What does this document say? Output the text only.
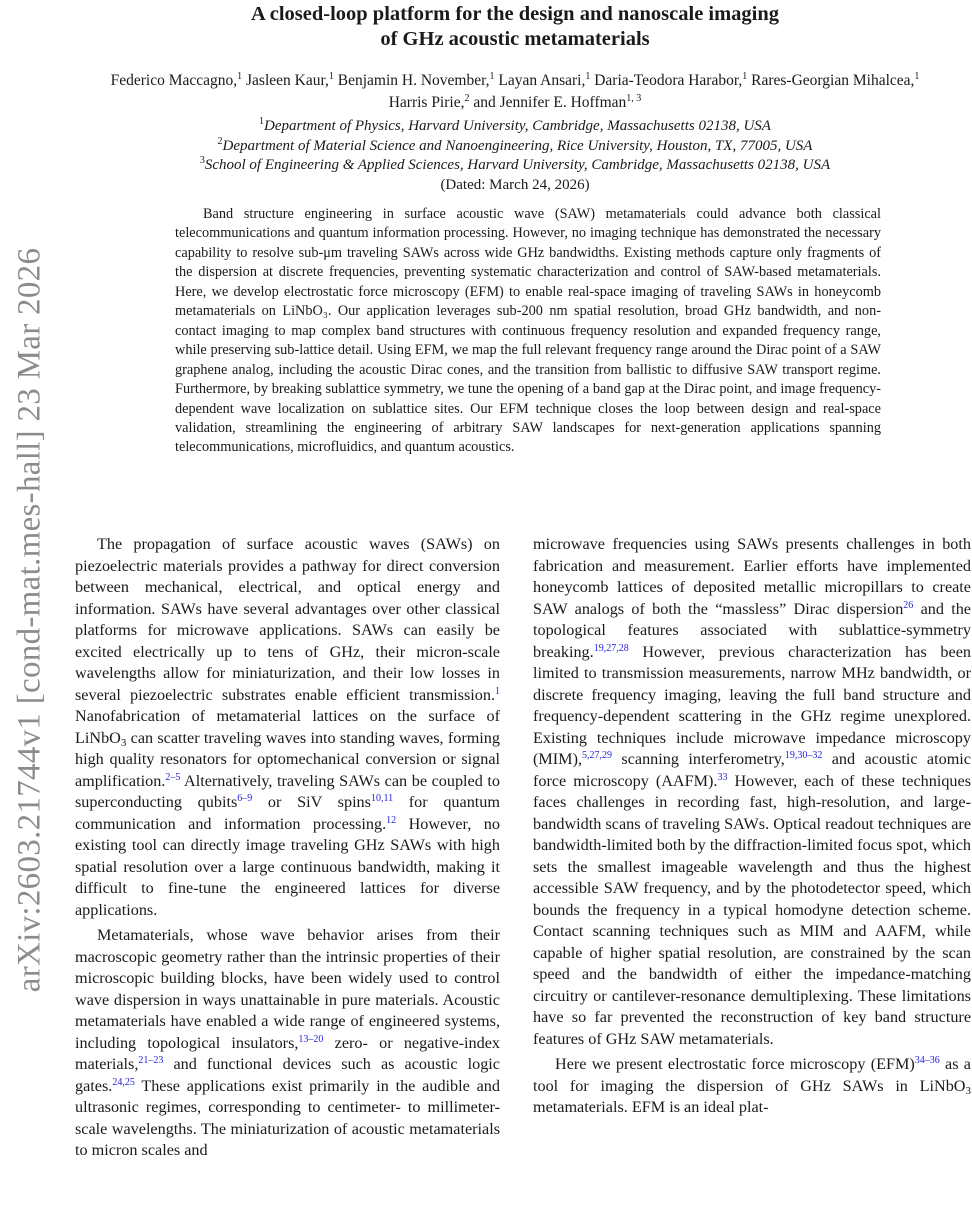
arXiv:2603.21744v1 [cond-mat.mes-hall] 23 Mar 2026
A closed-loop platform for the design and nanoscale imaging
of GHz acoustic metamaterials
Federico Maccagno,$^1$ Jasleen Kaur,$^1$ Benjamin H. November,$^1$ Layan Ansari,$^1$ Daria-Teodora Harabor,$^1$ Rares-Georgian Mihalcea,$^1$ Harris Pirie,$^2$ and Jennifer E. Hoffman$^{1, 3}$
$^1$Department of Physics, Harvard University, Cambridge, Massachusetts 02138, USA
$^2$Department of Material Science and Nanoengineering, Rice University, Houston, TX, 77005, USA
$^3$School of Engineering & Applied Sciences, Harvard University, Cambridge, Massachusetts 02138, USA
(Dated: March 24, 2026)

Band structure engineering in surface acoustic wave (SAW) metamaterials could advance both classical telecommunications and quantum information processing. However, no imaging technique has demonstrated the necessary capability to resolve sub-μm traveling SAWs across wide GHz bandwidths. Existing methods capture only fragments of the dispersion at discrete frequencies, preventing systematic characterization and control of SAW-based metamaterials. Here, we develop electrostatic force microscopy (EFM) to enable real-space imaging of traveling SAWs in honeycomb metamaterials on LiNbO₃. Our application leverages sub-200 nm spatial resolution, broad GHz bandwidth, and non-contact imaging to map complex band structures with continuous frequency resolution and expanded frequency range, while preserving sub-lattice detail. Using EFM, we map the full relevant frequency range around the Dirac point of a SAW graphene analog, including the acoustic Dirac cones, and the transition from ballistic to diffusive SAW transport regime. Furthermore, by breaking sublattice symmetry, we tune the opening of a band gap at the Dirac point, and image frequency-dependent wave localization on sublattice sites. Our EFM technique closes the loop between design and real-space validation, streamlining the engineering of arbitrary SAW landscapes for next-generation applications spanning telecommunications, microfluidics, and quantum acoustics.

The propagation of surface acoustic waves (SAWs) on piezoelectric materials provides a pathway for direct conversion between mechanical, electrical, and optical energy and information. SAWs have several advantages over other classical platforms for microwave applications. SAWs can easily be excited electrically up to tens of GHz, their micron-scale wavelengths allow for miniaturization, and their low losses in several piezoelectric substrates enable efficient transmission.$^1$ Nanofabrication of metamaterial lattices on the surface of LiNbO$_3$ can scatter traveling waves into standing waves, forming high quality resonators for optomechanical conversion or signal amplification.$^{2-5}$ Alternatively, traveling SAWs can be coupled to superconducting qubits$^{6-9}$ or SiV spins$^{10,11}$ for quantum communication and information processing.$^{12}$ However, no existing tool can directly image traveling GHz SAWs with high spatial resolution over a large continuous bandwidth, making it difficult to fine-tune the engineered lattices for diverse applications.

Metamaterials, whose wave behavior arises from their macroscopic geometry rather than the intrinsic properties of their microscopic building blocks, have been widely used to control wave dispersion in ways unattainable in pure materials. Acoustic metamaterials have enabled a wide range of engineered systems, including topological insulators,$^{13-20}$ zero- or negative-index materials,$^{21-23}$ and functional devices such as acoustic logic gates.$^{24,25}$ These applications exist primarily in the audible and ultrasonic regimes, corresponding to centimeter- to millimeter-scale wavelengths. The miniaturization of acoustic metamaterials to micron scales and

microwave frequencies using SAWs presents challenges in both fabrication and measurement. Earlier efforts have implemented honeycomb lattices of deposited metallic micropillars to create SAW analogs of both the “massless” Dirac dispersion$^{26}$ and the topological features associated with sublattice-symmetry breaking.$^{19,27,28}$ However, previous characterization has been limited to transmission measurements, narrow MHz bandwidth, or discrete frequency imaging, leaving the full band structure and frequency-dependent scattering in the GHz regime unexplored. Existing techniques include microwave impedance microscopy (MIM),$^{5,27,29}$ scanning interferometry,$^{19,30-32}$ and acoustic atomic force microscopy (AAFM).$^{33}$ However, each of these techniques faces challenges in recording fast, high-resolution, and large-bandwidth scans of traveling SAWs. Optical readout techniques are bandwidth-limited both by the diffraction-limited focus spot, which sets the smallest imageable wavelength and thus the highest accessible SAW frequency, and by the photodetector speed, which bounds the frequency in a typical homodyne detection scheme. Contact scanning techniques such as MIM and AAFM, while capable of higher spatial resolution, are constrained by the scan speed and the bandwidth of either the impedance-matching circuitry or cantilever-resonance demultiplexing. These limitations have so far prevented the reconstruction of key band structure features of GHz SAW metamaterials.

Here we present electrostatic force microscopy (EFM)$^{34-36}$ as a tool for imaging the dispersion of GHz SAWs in LiNbO$_3$ metamaterials. EFM is an ideal plat-
